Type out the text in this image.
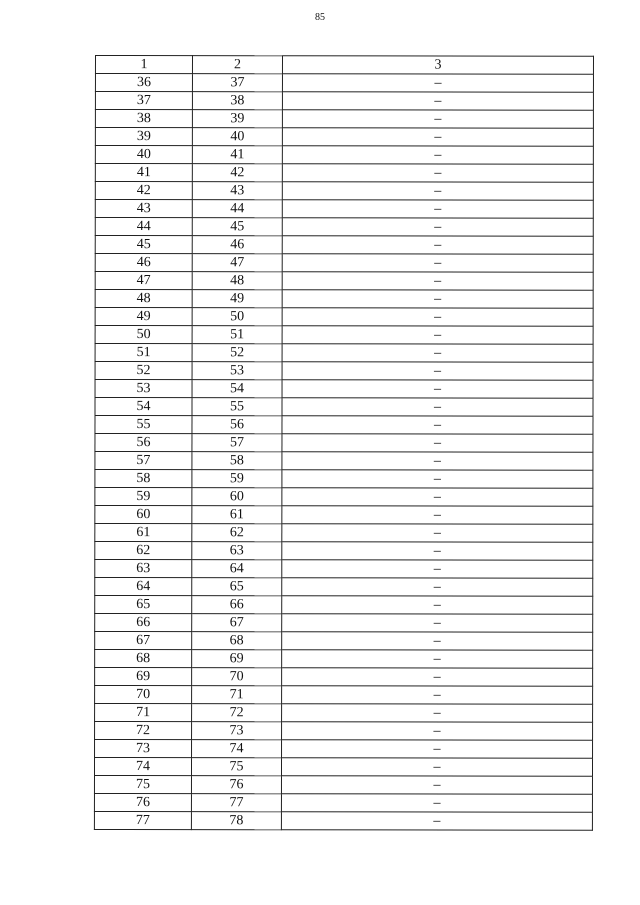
85
1	2	3
36	37	–
37	38	–
38	39	–
39	40	–
40	41	–
41	42	–
42	43	–
43	44	–
44	45	–
45	46	–
46	47	–
47	48	–
48	49	–
49	50	–
50	51	–
51	52	–
52	53	–
53	54	–
54	55	–
55	56	–
56	57	–
57	58	–
58	59	–
59	60	–
60	61	–
61	62	–
62	63	–
63	64	–
64	65	–
65	66	–
66	67	–
67	68	–
68	69	–
69	70	–
70	71	–
71	72	–
72	73	–
73	74	–
74	75	–
75	76	–
76	77	–
77	78	–
